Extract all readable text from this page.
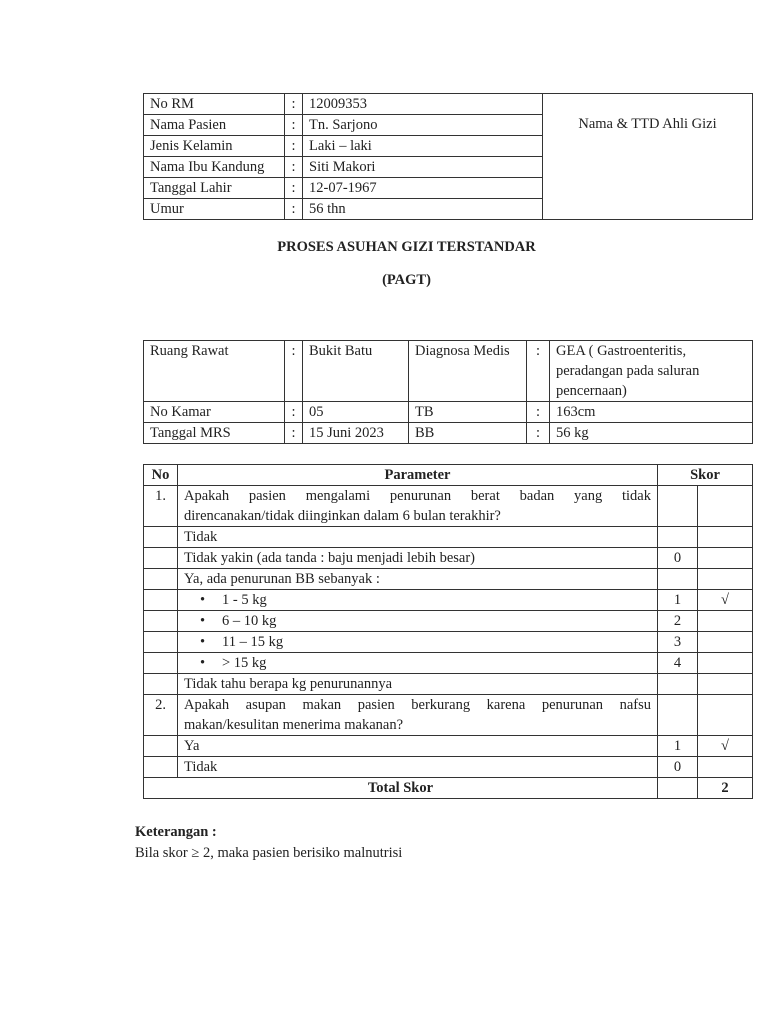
No RM	:	12009353	Nama & TTD Ahli Gizi
Nama Pasien	:	Tn. Sarjono	
Jenis Kelamin	:	Laki – laki	
Nama Ibu Kandung	:	Siti Makori	
Tanggal Lahir	:	12-07-1967	
Umur	:	56 thn	
PROSES ASUHAN GIZI TERSTANDAR
(PAGT)
Ruang Rawat	:	Bukit Batu	Diagnosa Medis	:	GEA ( Gastroenteritis, peradangan pada saluran pencernaan)
No Kamar	:	05	TB	:	163cm
Tanggal MRS	:	15 Juni 2023	BB	:	56 kg
No	Parameter	Skor	
1.	Apakah pasien mengalami penurunan berat badan yang tidak direncanakan/tidak diinginkan dalam 6 bulan terakhir?		
	Tidak		
	Tidak yakin (ada tanda : baju menjadi lebih besar)	0	
	Ya, ada penurunan BB sebanyak :		
	• 1 - 5 kg	1	√
	• 6 – 10 kg	2	
	• 11 – 15 kg	3	
	• > 15 kg	4	
	Tidak tahu berapa kg penurunannya		
2.	Apakah asupan makan pasien berkurang karena penurunan nafsu makan/kesulitan menerima makanan?		
	Ya	1	√
	Tidak	0	
Total Skor			2
Keterangan :
Bila skor ≥ 2, maka pasien berisiko malnutrisi
